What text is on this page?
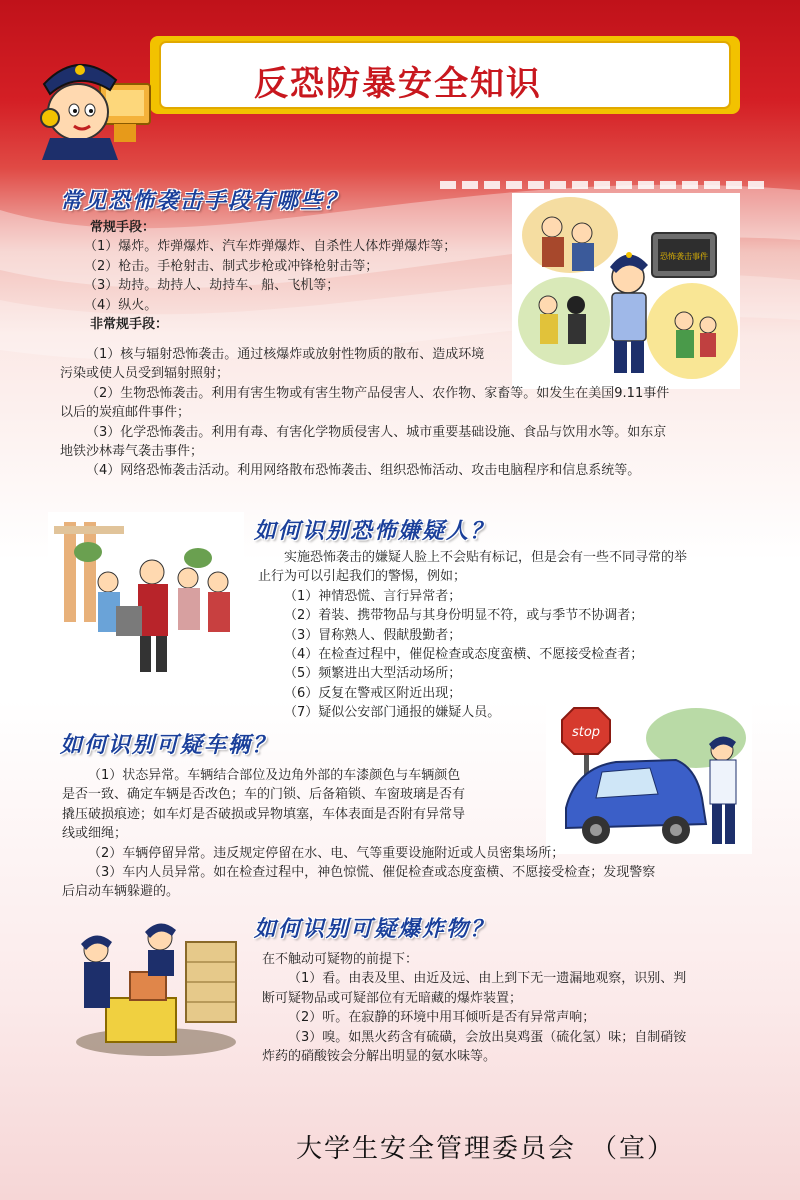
反恐防暴安全知识
常见恐怖袭击手段有哪些？
恐怖袭击事件

常规手段：

（1）爆炸。炸弹爆炸、汽车炸弹爆炸、自杀性人体炸弹爆炸等；

（2）枪击。手枪射击、制式步枪或冲锋枪射击等；

（3）劫持。劫持人、劫持车、船、飞机等；

（4）纵火。

非常规手段：

（1）核与辐射恐怖袭击。通过核爆炸或放射性物质的散布、造成环境

污染或使人员受到辐射照射；

（2）生物恐怖袭击。利用有害生物或有害生物产品侵害人、农作物、家畜等。如发生在美国9.11事件

以后的炭疽邮件事件；

（3）化学恐怖袭击。利用有毒、有害化学物质侵害人、城市重要基础设施、食品与饮用水等。如东京

地铁沙林毒气袭击事件；

（4）网络恐怖袭击活动。利用网络散布恐怖袭击、组织恐怖活动、攻击电脑程序和信息系统等。

如何识别恐怖嫌疑人？

实施恐怖袭击的嫌疑人脸上不会贴有标记，但是会有一些不同寻常的举

止行为可以引起我们的警惕，例如；

（1）神情恐慌、言行异常者；

（2）着装、携带物品与其身份明显不符，或与季节不协调者；

（3）冒称熟人、假献殷勤者；

（4）在检查过程中，催促检查或态度蛮横、不愿接受检查者；

（5）频繁进出大型活动场所；

（6）反复在警戒区附近出现；

（7）疑似公安部门通报的嫌疑人员。

如何识别可疑车辆？
stop

（1）状态异常。车辆结合部位及边角外部的车漆颜色与车辆颜色

是否一致、确定车辆是否改色；车的门锁、后备箱锁、车窗玻璃是否有

撬压破损痕迹；如车灯是否破损或异物填塞，车体表面是否附有异常导

线或细绳；

（2）车辆停留异常。违反规定停留在水、电、气等重要设施附近或人员密集场所；

（3）车内人员异常。如在检查过程中，神色惊慌、催促检查或态度蛮横、不愿接受检查；发现警察

后启动车辆躲避的。

如何识别可疑爆炸物？

在不触动可疑物的前提下：

（1）看。由表及里、由近及远、由上到下无一遗漏地观察，识别、判

断可疑物品或可疑部位有无暗藏的爆炸装置；

（2）听。在寂静的环境中用耳倾听是否有异常声响；

（3）嗅。如黑火药含有硫磺，会放出臭鸡蛋（硫化氢）味；自制硝铵

炸药的硝酸铵会分解出明显的氨水味等。

大学生安全管理委员会　（宣）
